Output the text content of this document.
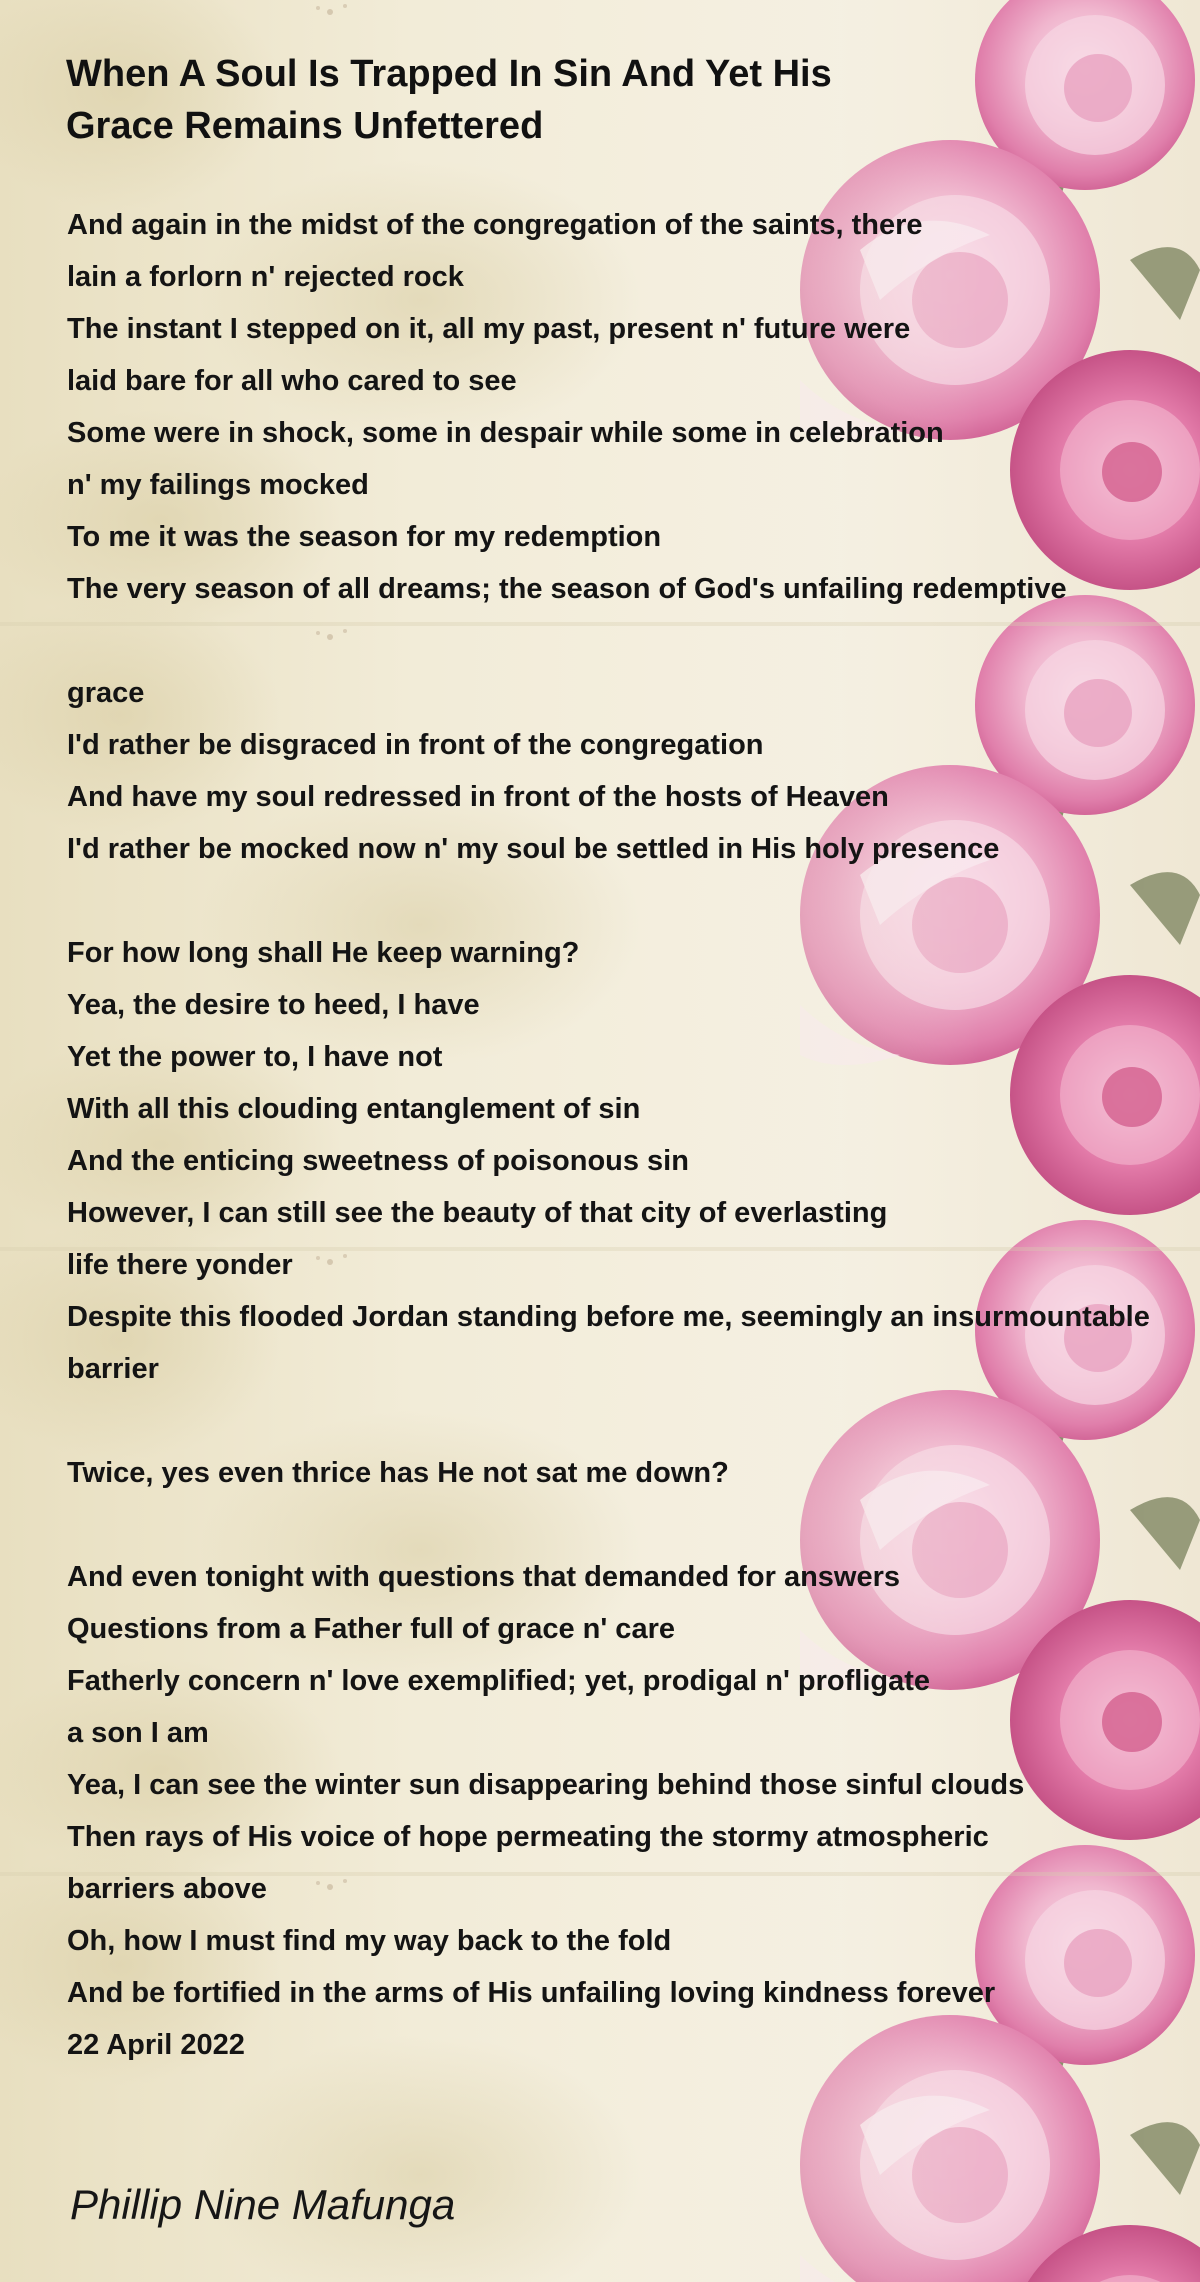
When A Soul Is Trapped In Sin And Yet His
Grace Remains Unfettered
And again in the midst of the congregation of the saints, there
lain a forlorn n' rejected rock
The instant I stepped on it, all my past, present n' future were
laid bare for all who cared to see
Some were in shock, some in despair while some in celebration
n' my failings mocked
To me it was the season for my redemption
The very season of all dreams; the season of God's unfailing redemptive
grace
I'd rather be disgraced in front of the congregation
And have my soul redressed in front of the hosts of Heaven
I'd rather be mocked now n' my soul be settled in His holy presence
For how long shall He keep warning?
Yea, the desire to heed, I have
Yet the power to, I have not
With all this clouding entanglement of sin
And the enticing sweetness of poisonous sin
However, I can still see the beauty of that city of everlasting
life there yonder
Despite this flooded Jordan standing before me, seemingly an insurmountable
barrier
Twice, yes even thrice has He not sat me down?
And even tonight with questions that demanded for answers
Questions from a Father full of grace n' care
Fatherly concern n' love exemplified; yet, prodigal n' profligate
a son I am
Yea, I can see the winter sun disappearing behind those sinful clouds
Then rays of His voice of hope permeating the stormy atmospheric
barriers above
Oh, how I must find my way back to the fold
And be fortified in the arms of His unfailing loving kindness forever
22 April 2022
Phillip Nine Mafunga
